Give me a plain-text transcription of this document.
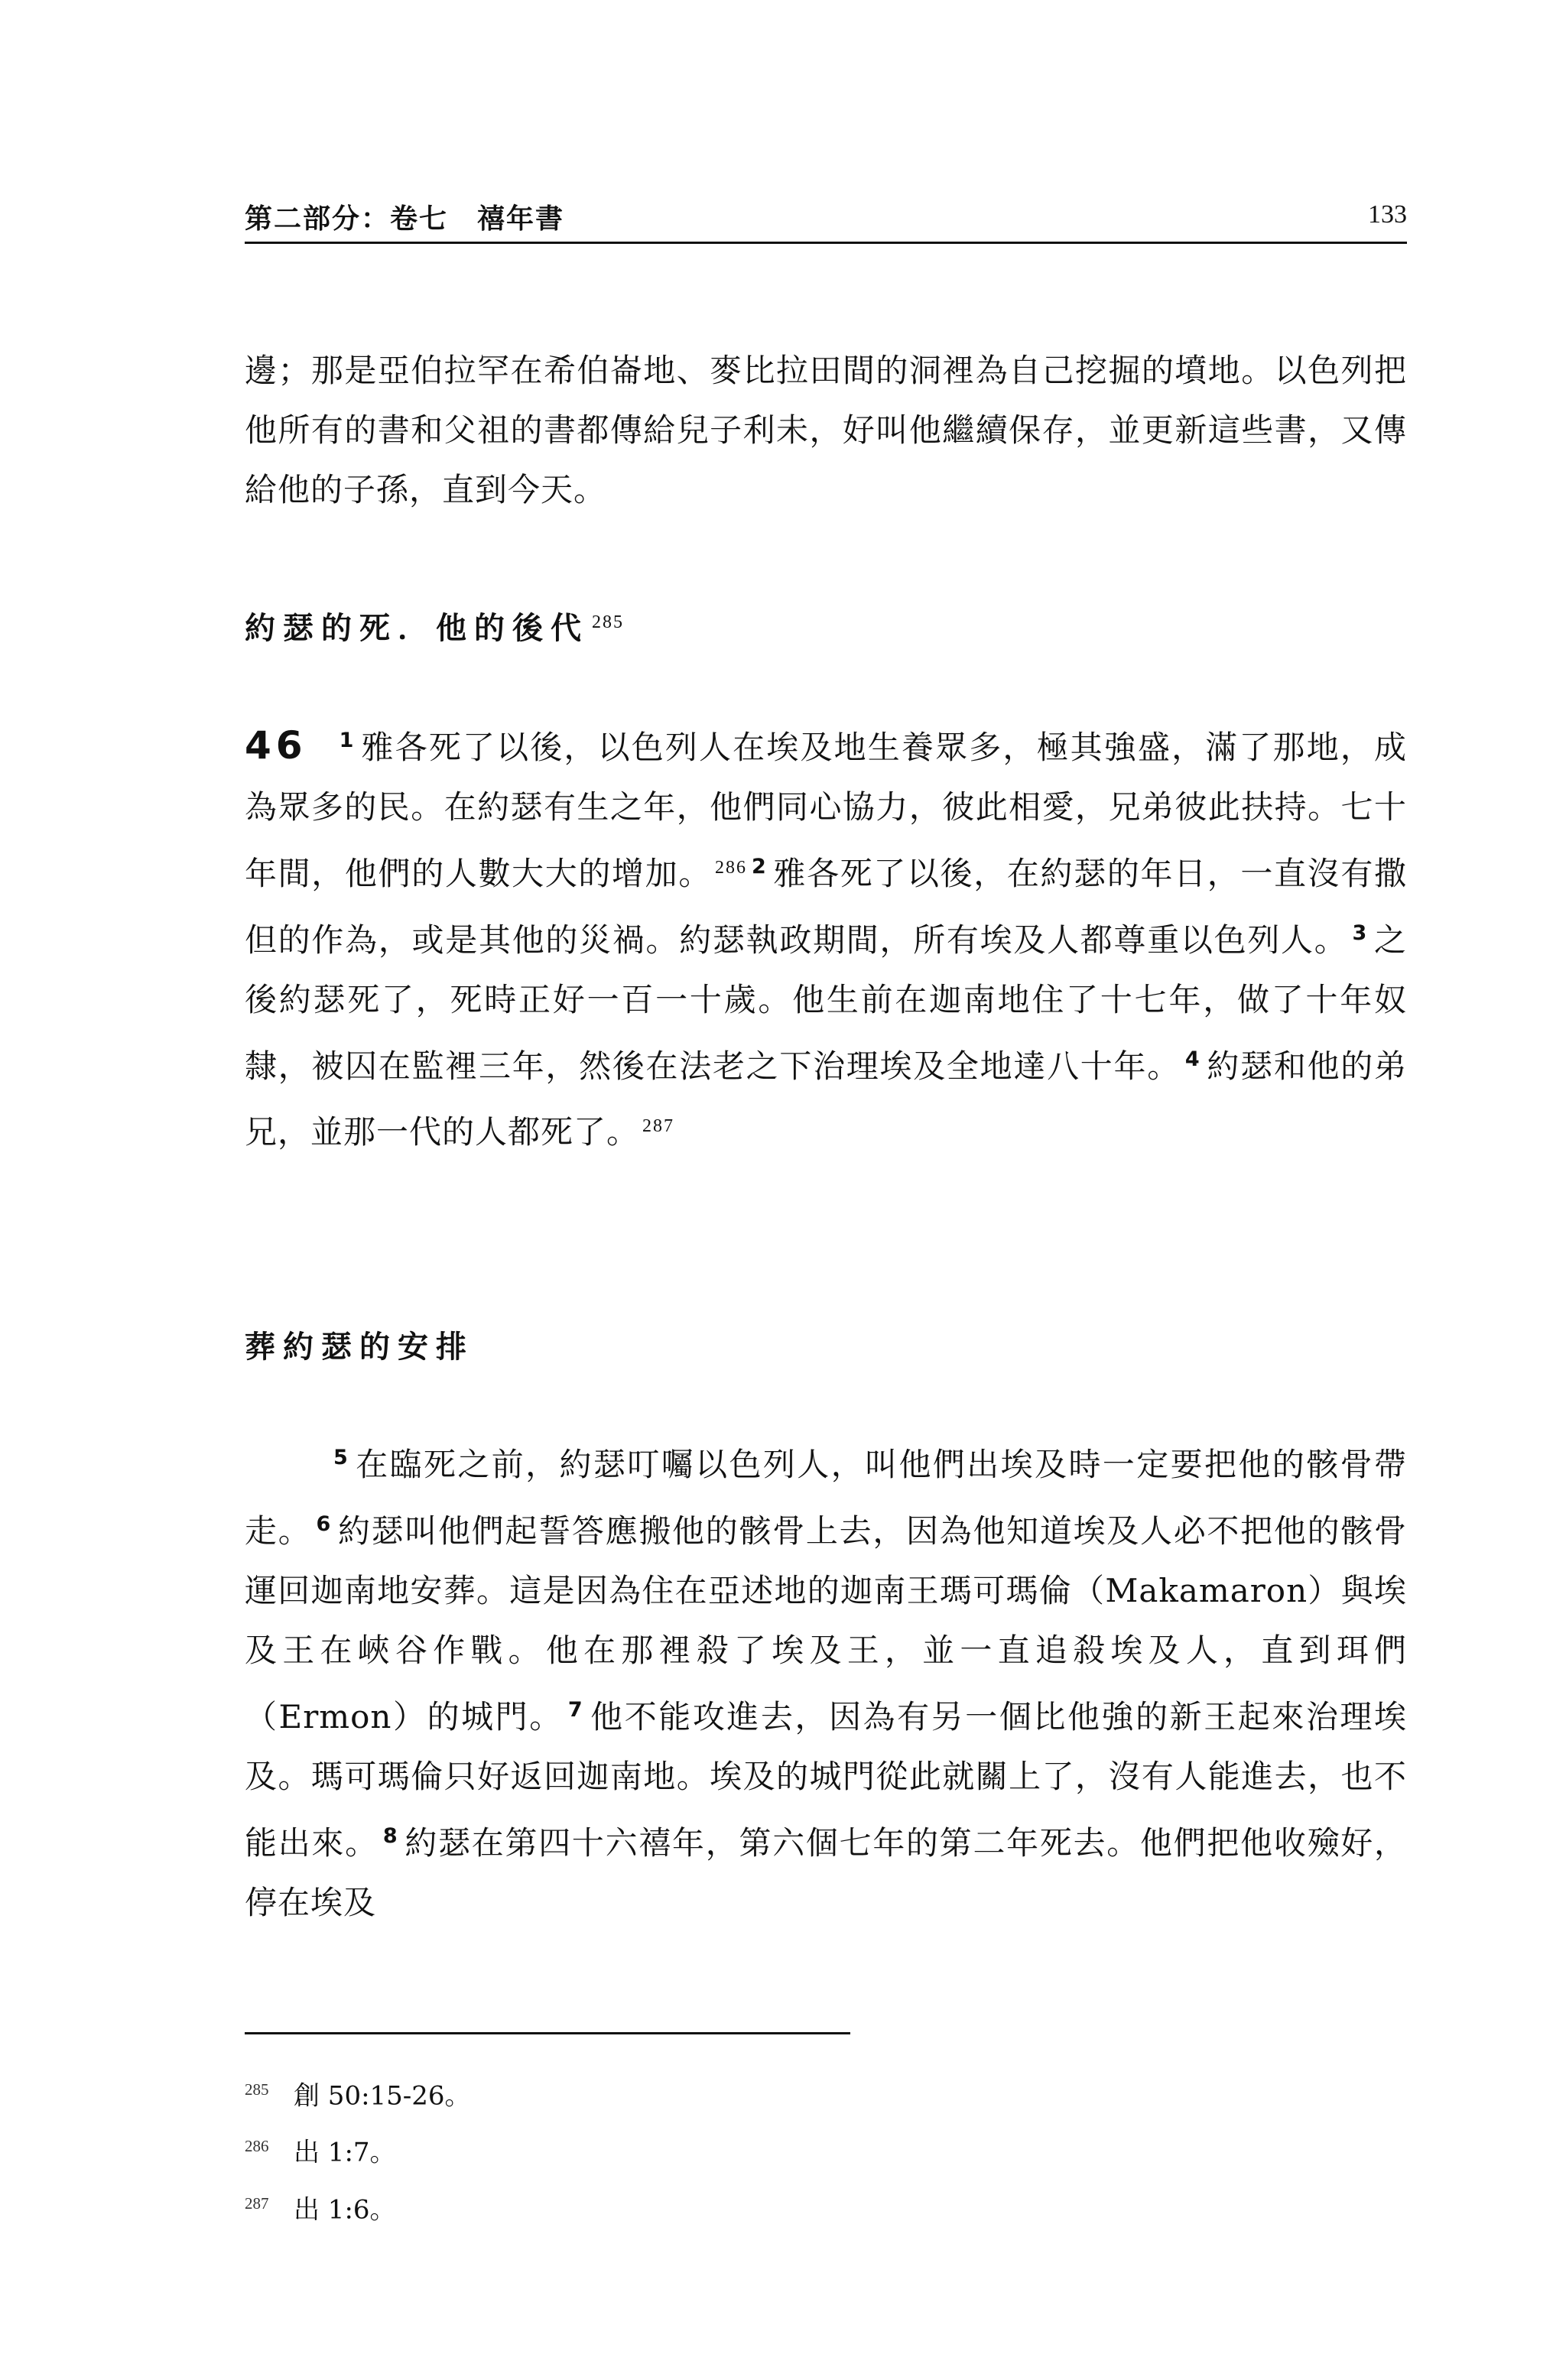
第二部分：卷七　禧年書	133

邊；那是亞伯拉罕在希伯崙地、麥比拉田間的洞裡為自己挖掘的墳地。以色列把他所有的書和父祖的書都傳給兒子利未，好叫他繼續保存，並更新這些書，又傳給他的子孫，直到今天。

約瑟的死．他的後代 $^{285}$

46 $^1$ 雅各死了以後，以色列人在埃及地生養眾多，極其強盛，滿了那地，成為眾多的民。在約瑟有生之年，他們同心協力，彼此相愛，兄弟彼此扶持。七十年間，他們的人數大大的增加。 $^{286}$ $^2$ 雅各死了以後，在約瑟的年日，一直沒有撒但的作為，或是其他的災禍。約瑟執政期間，所有埃及人都尊重以色列人。 $^3$ 之後約瑟死了，死時正好一百一十歲。他生前在迦南地住了十七年，做了十年奴隸，被囚在監裡三年，然後在法老之下治理埃及全地達八十年。 $^4$ 約瑟和他的弟兄，並那一代的人都死了。 $^{287}$

葬約瑟的安排

$^5$ 在臨死之前，約瑟叮囑以色列人，叫他們出埃及時一定要把他的骸骨帶走。 $^6$ 約瑟叫他們起誓答應搬他的骸骨上去，因為他知道埃及人必不把他的骸骨運回迦南地安葬。這是因為住在亞述地的迦南王瑪可瑪倫（Makamaron）與埃及王在峽谷作戰。他在那裡殺了埃及王，並一直追殺埃及人，直到珥們（Ermon）的城門。 $^7$ 他不能攻進去，因為有另一個比他強的新王起來治理埃及。瑪可瑪倫只好返回迦南地。埃及的城門從此就關上了，沒有人能進去，也不能出來。 $^8$ 約瑟在第四十六禧年，第六個七年的第二年死去。他們把他收殮好，停在埃及

285 創 50:15-26。
286 出 1:7。
287 出 1:6。
